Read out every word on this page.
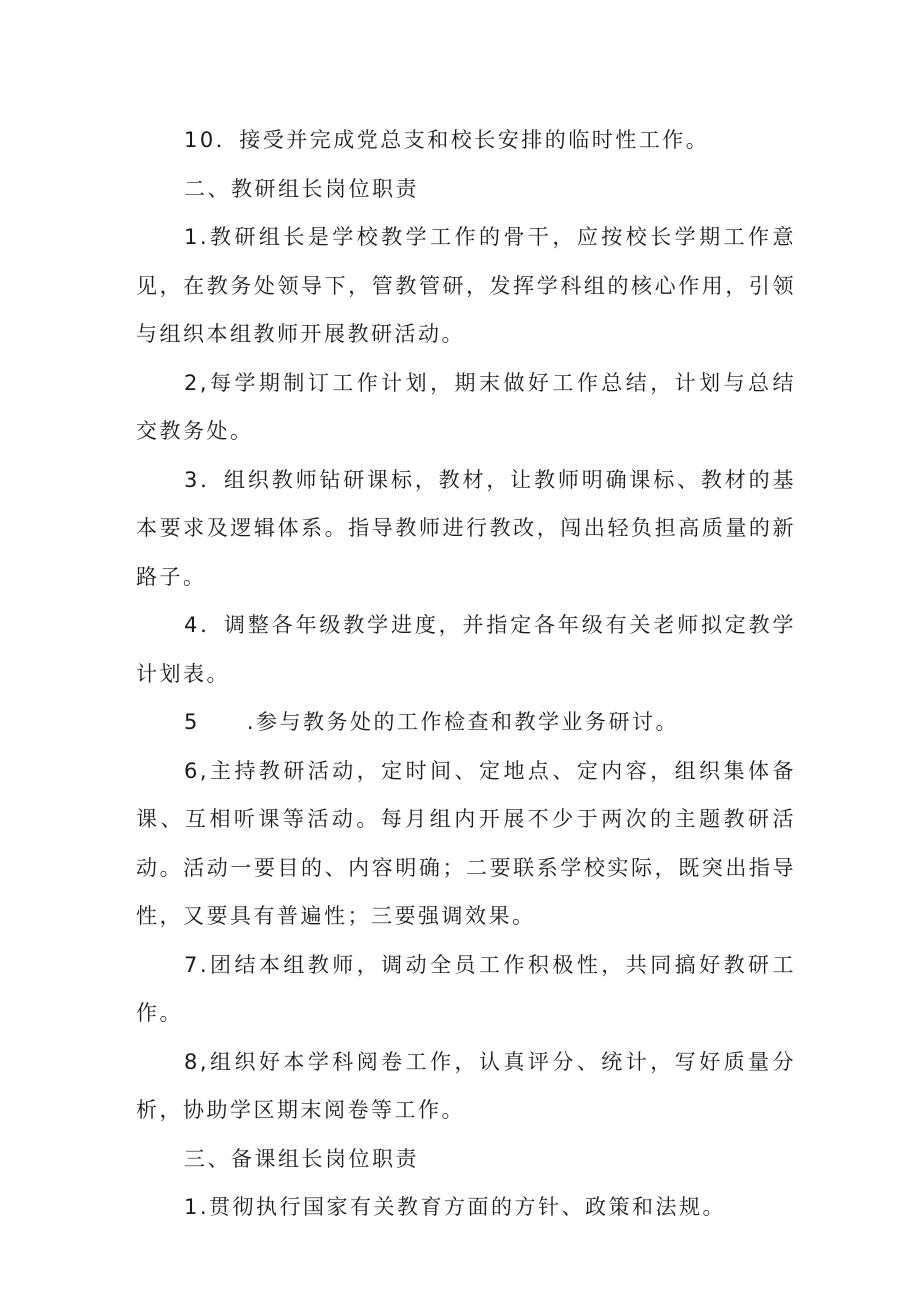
10．接受并完成党总支和校长安排的临时性工作。

二、教研组长岗位职责

1.教研组长是学校教学工作的骨干，应按校长学期工作意见，在教务处领导下，管教管研，发挥学科组的核心作用，引领与组织本组教师开展教研活动。

2,每学期制订工作计划，期末做好工作总结，计划与总结交教务处。

3．组织教师钻研课标，教材，让教师明确课标、教材的基本要求及逻辑体系。指导教师进行教改，闯出轻负担高质量的新路子。

4．调整各年级教学进度，并指定各年级有关老师拟定教学计划表。

5　　.参与教务处的工作检查和教学业务研讨。

6,主持教研活动，定时间、定地点、定内容，组织集体备课、互相听课等活动。每月组内开展不少于两次的主题教研活动。活动一要目的、内容明确；二要联系学校实际，既突出指导性，又要具有普遍性；三要强调效果。

7.团结本组教师，调动全员工作积极性，共同搞好教研工作。

8,组织好本学科阅卷工作，认真评分、统计，写好质量分析，协助学区期末阅卷等工作。

三、备课组长岗位职责

1.贯彻执行国家有关教育方面的方针、政策和法规。
